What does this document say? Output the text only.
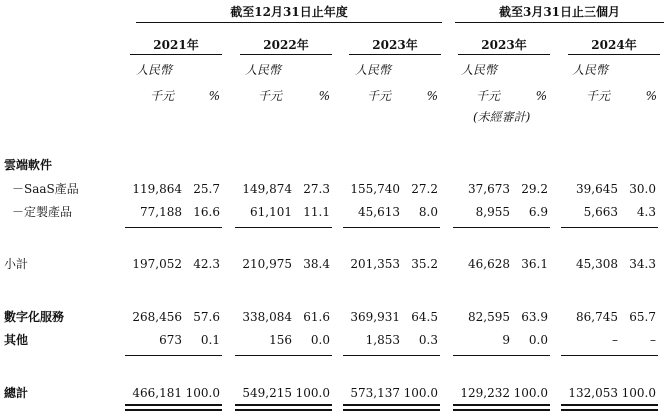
截至12月31日止年度	截至3月31日止三個月
2021年	2022年	2023年	2023年	2024年
人民幣	人民幣	人民幣	人民幣	人民幣
千元	%	千元	%	千元	%	千元	%	千元	%
(未經審計)
雲端軟件
－SaaS產品	119,864 25.7	149,874 27.3	155,740 27.2	37,673 29.2	39,645 30.0
－定製產品	77,188 16.6	61,101 11.1	45,613	8.0	8,955	6.9	5,663	4.3
小計	197,052 42.3	210,975 38.4	201,353 35.2	46,628 36.1	45,308 34.3
數字化服務	268,456 57.6	338,084 61.6	369,931 64.5	82,595 63.9	86,745 65.7
其他	673	0.1	156	0.0	1,853	0.3	9	0.0	–	–
總計	466,181 100.0	549,215 100.0	573,137 100.0	129,232 100.0	132,053 100.0
